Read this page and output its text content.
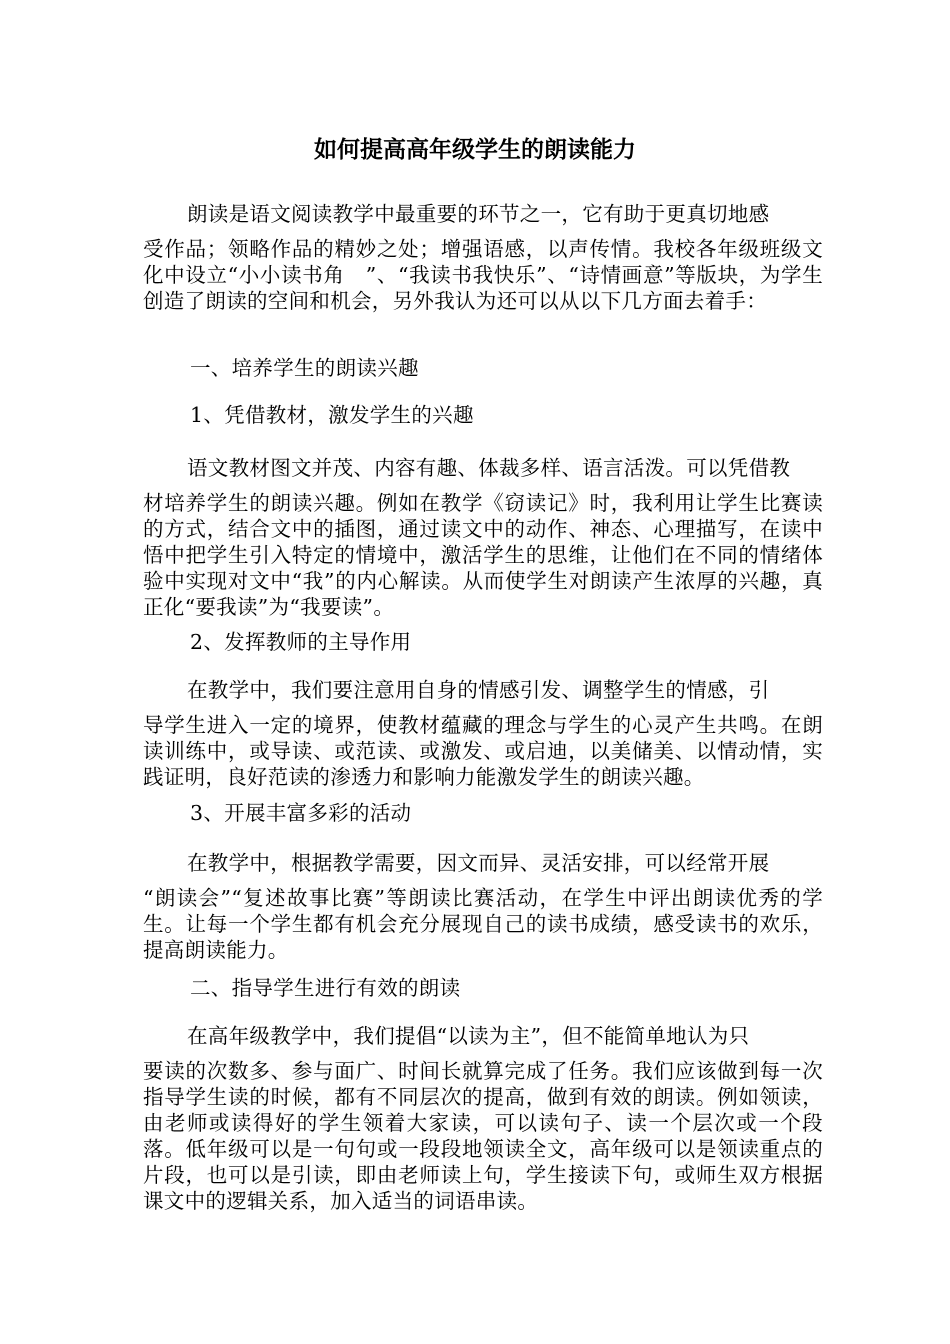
如何提高高年级学生的朗读能力

朗读是语文阅读教学中最重要的环节之一，它有助于更真切地感
受作品；领略作品的精妙之处；增强语感，以声传情。我校各年级班级文化中设立“小小读书角　”、“我读书我快乐”、“诗情画意”等版块，为学生创造了朗读的空间和机会，另外我认为还可以从以下几方面去着手：

一、培养学生的朗读兴趣

1、凭借教材，激发学生的兴趣

语文教材图文并茂、内容有趣、体裁多样、语言活泼。可以凭借教
材培养学生的朗读兴趣。例如在教学《窃读记》时，我利用让学生比赛读的方式，结合文中的插图，通过读文中的动作、神态、心理描写，在读中悟中把学生引入特定的情境中，激活学生的思维，让他们在不同的情绪体验中实现对文中“我”的内心解读。从而使学生对朗读产生浓厚的兴趣，真正化“要我读”为“我要读”。

2、发挥教师的主导作用

在教学中，我们要注意用自身的情感引发、调整学生的情感，引
导学生进入一定的境界，使教材蕴藏的理念与学生的心灵产生共鸣。在朗读训练中，或导读、或范读、或激发、或启迪，以美储美、以情动情，实践证明，良好范读的渗透力和影响力能激发学生的朗读兴趣。

3、开展丰富多彩的活动

在教学中，根据教学需要，因文而异、灵活安排，可以经常开展
“朗读会”“复述故事比赛”等朗读比赛活动，在学生中评出朗读优秀的学生。让每一个学生都有机会充分展现自己的读书成绩，感受读书的欢乐，提高朗读能力。

二、指导学生进行有效的朗读

在高年级教学中，我们提倡“以读为主”，但不能简单地认为只
要读的次数多、参与面广、时间长就算完成了任务。我们应该做到每一次指导学生读的时候，都有不同层次的提高，做到有效的朗读。例如领读，由老师或读得好的学生领着大家读，可以读句子、读一个层次或一个段落。低年级可以是一句句或一段段地领读全文，高年级可以是领读重点的片段，也可以是引读，即由老师读上句，学生接读下句，或师生双方根据课文中的逻辑关系，加入适当的词语串读。
